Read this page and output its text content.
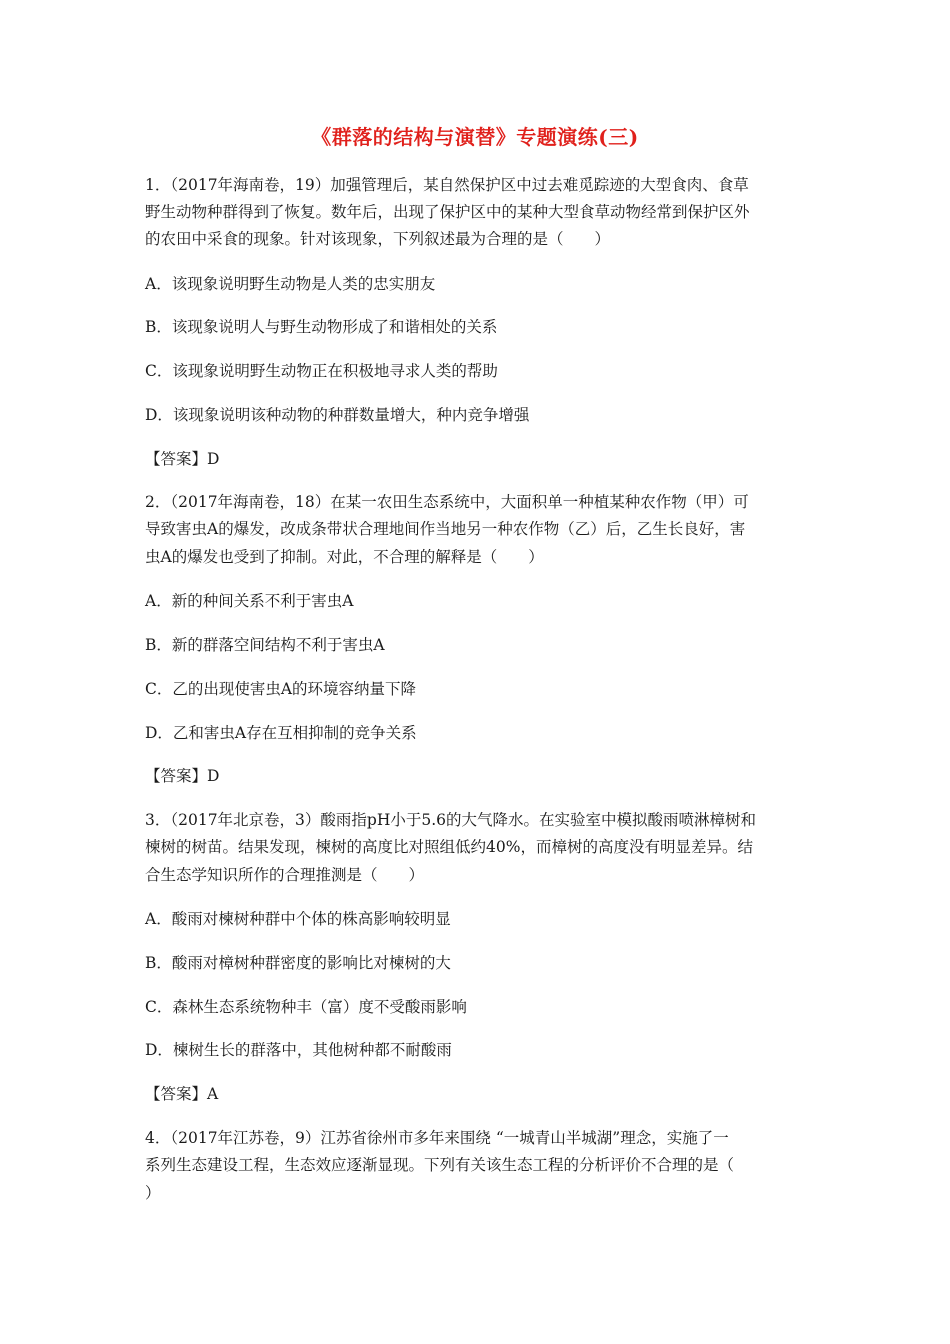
《群落的结构与演替》专题演练(三)
1．（2017年海南卷，19）加强管理后，某自然保护区中过去难觅踪迹的大型食肉、食草
野生动物种群得到了恢复。数年后，出现了保护区中的某种大型食草动物经常到保护区外
的农田中采食的现象。针对该现象，下列叙述最为合理的是（　　）
A．该现象说明野生动物是人类的忠实朋友
B．该现象说明人与野生动物形成了和谐相处的关系
C．该现象说明野生动物正在积极地寻求人类的帮助
D．该现象说明该种动物的种群数量增大，种内竞争增强
【答案】D
2．（2017年海南卷，18）在某一农田生态系统中，大面积单一种植某种农作物（甲）可
导致害虫A的爆发，改成条带状合理地间作当地另一种农作物（乙）后，乙生长良好，害
虫A的爆发也受到了抑制。对此，不合理的解释是（　　）
A．新的种间关系不利于害虫A
B．新的群落空间结构不利于害虫A
C．乙的出现使害虫A的环境容纳量下降
D．乙和害虫A存在互相抑制的竞争关系
【答案】D
3．（2017年北京卷，3）酸雨指pH小于5.6的大气降水。在实验室中模拟酸雨喷淋樟树和
楝树的树苗。结果发现，楝树的高度比对照组低约40%，而樟树的高度没有明显差异。结
合生态学知识所作的合理推测是（　　）
A．酸雨对楝树种群中个体的株高影响较明显
B．酸雨对樟树种群密度的影响比对楝树的大
C．森林生态系统物种丰（富）度不受酸雨影响
D．楝树生长的群落中，其他树种都不耐酸雨
【答案】A
4．（2017年江苏卷，9）江苏省徐州市多年来围绕 “一城青山半城湖”理念，实施了一
系列生态建设工程，生态效应逐渐显现。下列有关该生态工程的分析评价不合理的是（
）
